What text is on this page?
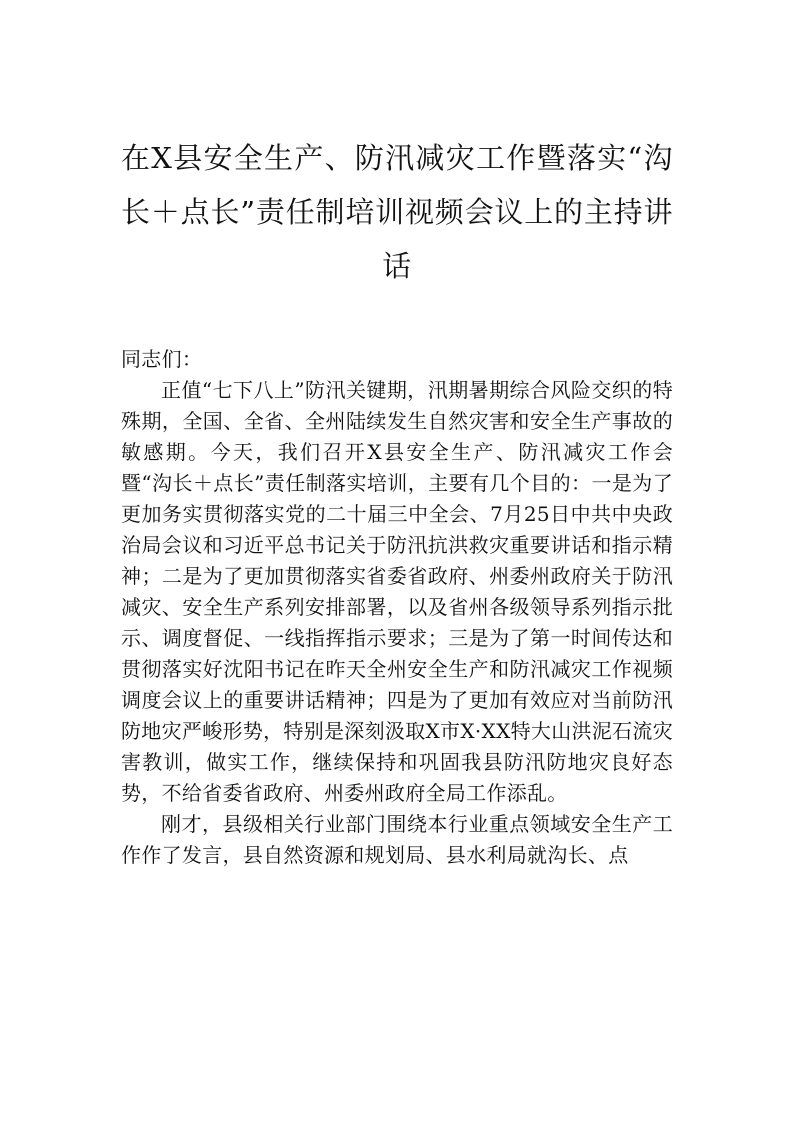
在X县安全生产、防汛减灾工作暨落实“沟长＋点长”责任制培训视频会议上的主持讲话

同志们：

正值“七下八上”防汛关键期，汛期暑期综合风险交织的特殊期，全国、全省、全州陆续发生自然灾害和安全生产事故的敏感期。今天，我们召开X县安全生产、防汛减灾工作会暨“沟长＋点长”责任制落实培训，主要有几个目的：一是为了更加务实贯彻落实党的二十届三中全会、7月25日中共中央政治局会议和习近平总书记关于防汛抗洪救灾重要讲话和指示精神；二是为了更加贯彻落实省委省政府、州委州政府关于防汛减灾、安全生产系列安排部署，以及省州各级领导系列指示批示、调度督促、一线指挥指示要求；三是为了第一时间传达和贯彻落实好沈阳书记在昨天全州安全生产和防汛减灾工作视频调度会议上的重要讲话精神；四是为了更加有效应对当前防汛防地灾严峻形势，特别是深刻汲取X市X·XX特大山洪泥石流灾害教训，做实工作，继续保持和巩固我县防汛防地灾良好态势，不给省委省政府、州委州政府全局工作添乱。

刚才，县级相关行业部门围绕本行业重点领域安全生产工作作了发言，县自然资源和规划局、县水利局就沟长、点
